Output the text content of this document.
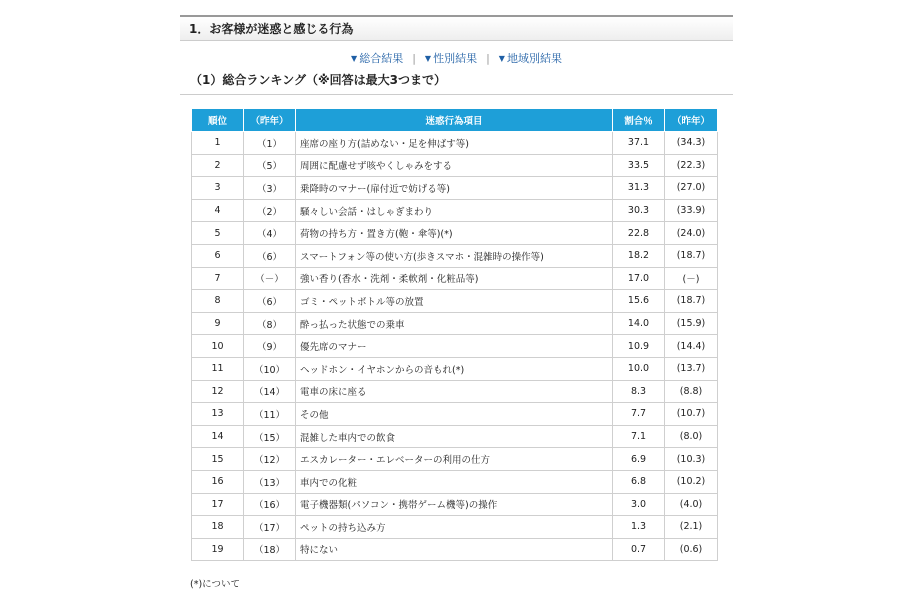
1．お客様が迷惑と感じる行為
▼ 総合結果 | ▼ 性別結果 | ▼ 地域別結果
（1）総合ランキング（※回答は最大3つまで）
順位	（昨年）	迷惑行為項目	割合％	（昨年）
1	（1）	座席の座り方(詰めない・足を伸ばす等)	37.1	(34.3)
2	（5）	周囲に配慮せず咳やくしゃみをする	33.5	(22.3)
3	（3）	乗降時のマナー(扉付近で妨げる等)	31.3	(27.0)
4	（2）	騒々しい会話・はしゃぎまわり	30.3	(33.9)
5	（4）	荷物の持ち方・置き方(鞄・傘等)(*)	22.8	(24.0)
6	（6）	スマートフォン等の使い方(歩きスマホ・混雑時の操作等)	18.2	(18.7)
7	（－）	強い香り(香水・洗剤・柔軟剤・化粧品等)	17.0	(－)
8	（6）	ゴミ・ペットボトル等の放置	15.6	(18.7)
9	（8）	酔っ払った状態での乗車	14.0	(15.9)
10	（9）	優先席のマナー	10.9	(14.4)
11	（10）	ヘッドホン・イヤホンからの音もれ(*)	10.0	(13.7)
12	（14）	電車の床に座る	8.3	(8.8)
13	（11）	その他	7.7	(10.7)
14	（15）	混雑した車内での飲食	7.1	(8.0)
15	（12）	エスカレーター・エレベーターの利用の仕方	6.9	(10.3)
16	（13）	車内での化粧	6.8	(10.2)
17	（16）	電子機器類(パソコン・携帯ゲーム機等)の操作	3.0	(4.0)
18	（17）	ペットの持ち込み方	1.3	(2.1)
19	（18）	特にない	0.7	(0.6)
(*)について
